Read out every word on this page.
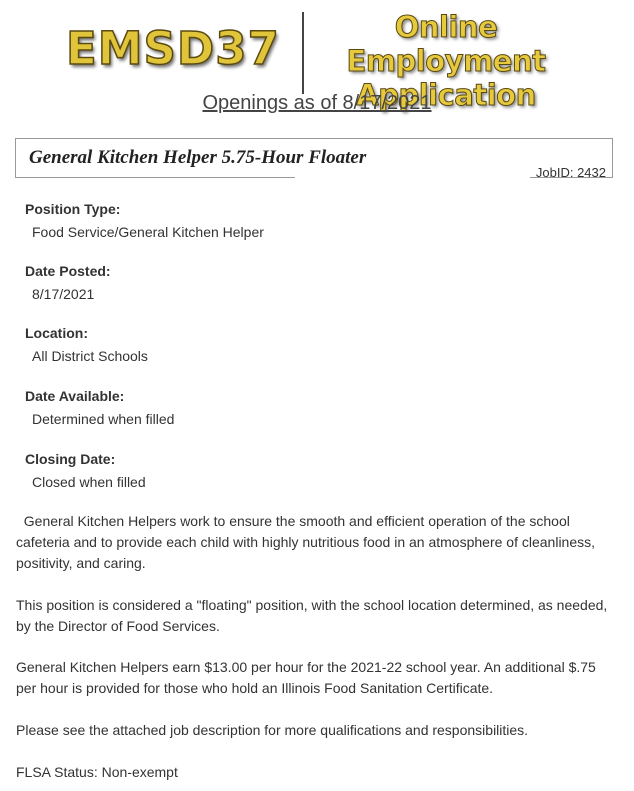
EMSD37	Online Employment Application
Openings as of 8/17/2021
General Kitchen Helper 5.75-Hour Floater
JobID: 2432
Position Type:
Food Service/General Kitchen Helper
Date Posted:
8/17/2021
Location:
All District Schools
Date Available:
Determined when filled
Closing Date:
Closed when filled
General Kitchen Helpers work to ensure the smooth and efficient operation of the school cafeteria and to provide each child with highly nutritious food in an atmosphere of cleanliness, positivity, and caring.
This position is considered a "floating" position, with the school location determined, as needed, by the Director of Food Services.
General Kitchen Helpers earn $13.00 per hour for the 2021-22 school year. An additional $.75 per hour is provided for those who hold an Illinois Food Sanitation Certificate.
Please see the attached job description for more qualifications and responsibilities.
FLSA Status: Non-exempt
